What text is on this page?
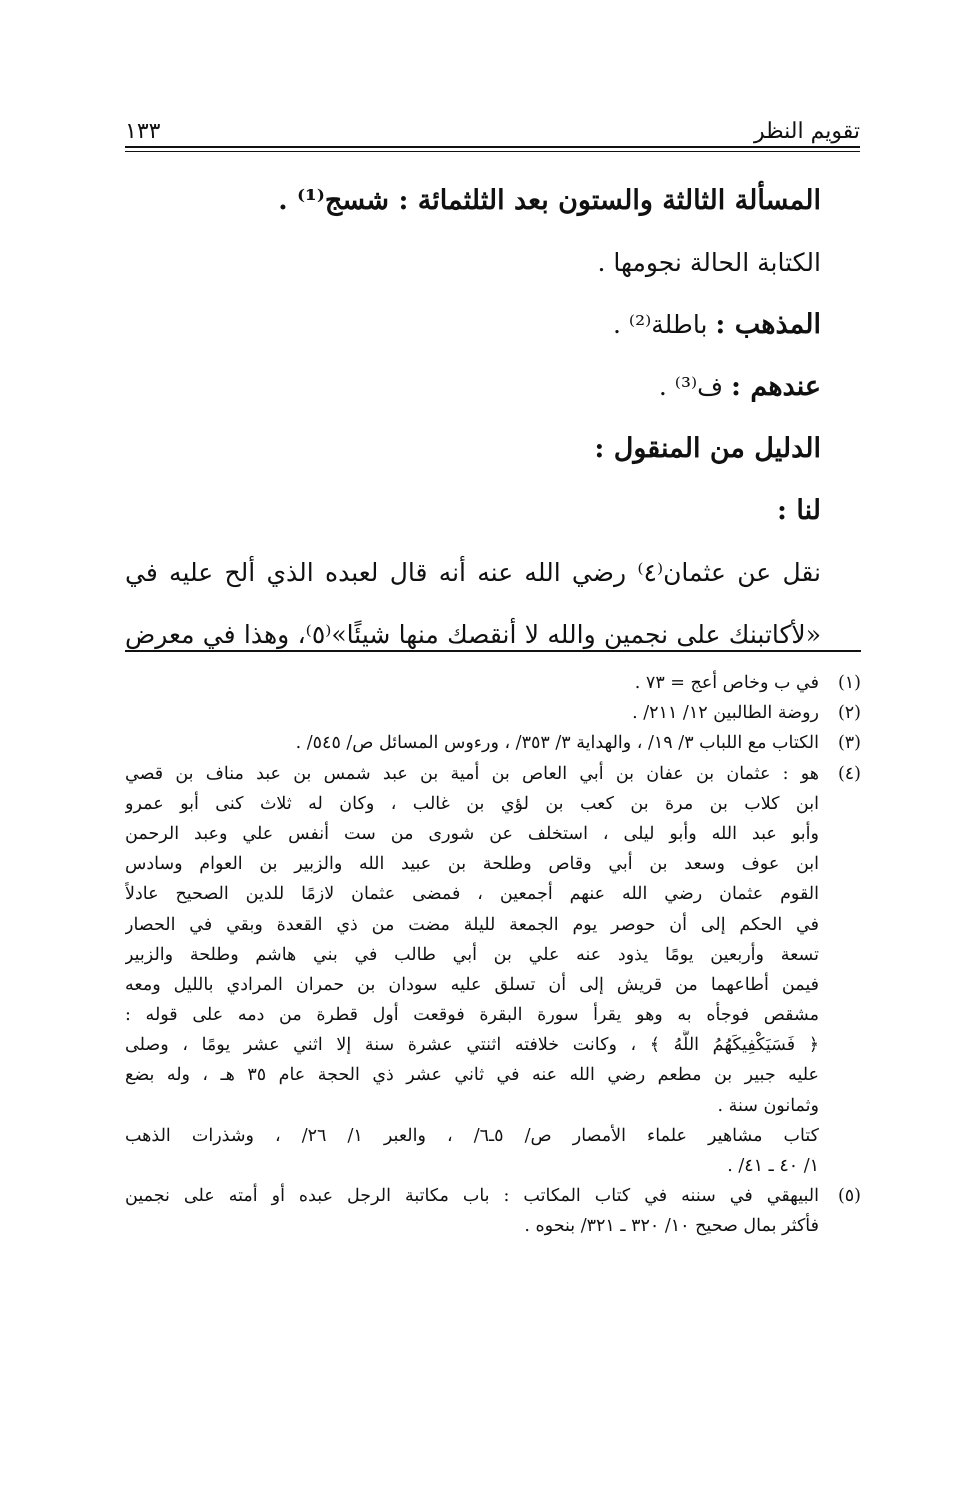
تقويم النظر
١٣٣
المسألة الثالثة والستون بعد الثلثمائة : شسج⁽¹⁾ .
الكتابة الحالة نجومها .
المذهب : باطلة⁽²⁾ .
عندهم : ف⁽³⁾ .
الدليل من المنقول :
لنا :
نقل عن عثمان⁽٤⁾ رضي الله عنه أنه قال لعبده الذي ألح عليه في
«لأكاتبنك على نجمين والله لا أنقصك منها شيئًا»⁽٥⁾، وهذا في معرض
(١)
في ب وخاص أعج = ٧٣ .
(٢)
روضة الطالبين ١٢/ ٢١١/ .
(٣)
الكتاب مع اللباب ٣/ ١٩/ ، والهداية ٣/ ٣٥٣/ ، ورءوس المسائل ص/ ٥٤٥/ .
(٤)
هو : عثمان بن عفان بن أبي العاص بن أمية بن عبد شمس بن عبد مناف بن قصي
ابن كلاب بن مرة بن كعب بن لؤي بن غالب ، وكان له ثلاث كنى أبو عمرو
وأبو عبد الله وأبو ليلى ، استخلف عن شورى من ست أنفس علي وعبد الرحمن
ابن عوف وسعد بن أبي وقاص وطلحة بن عبيد الله والزبير بن العوام وسادس
القوم عثمان رضي الله عنهم أجمعين ، فمضى عثمان لازمًا للدين الصحيح عادلاً
في الحكم إلى أن حوصر يوم الجمعة لليلة مضت من ذي القعدة وبقي في الحصار
تسعة وأربعين يومًا يذود عنه علي بن أبي طالب في بني هاشم وطلحة والزبير
فيمن أطاعهما من قريش إلى أن تسلق عليه سودان بن حمران المرادي بالليل ومعه
مشقص فوجأه به وهو يقرأ سورة البقرة فوقعت أول قطرة من دمه على قوله :
﴿ فَسَيَكْفِيكَهُمُ اللَّهُ ﴾ ، وكانت خلافته اثنتي عشرة سنة إلا اثني عشر يومًا ، وصلى
عليه جبير بن مطعم رضي الله عنه في ثاني عشر ذي الحجة عام ٣٥ هـ ، وله بضع
وثمانون سنة .
كتاب مشاهير علماء الأمصار ص/ ٥ـ٦/ ، والعبر ١/ ٢٦/ ، وشذرات الذهب
١/ ٤٠ ـ ٤١/ .
(٥)
البيهقي في سننه في كتاب المكاتب : باب مكاتبة الرجل عبده أو أمته على نجمين
فأكثر بمال صحيح ١٠/ ٣٢٠ ـ ٣٢١/ بنحوه .
